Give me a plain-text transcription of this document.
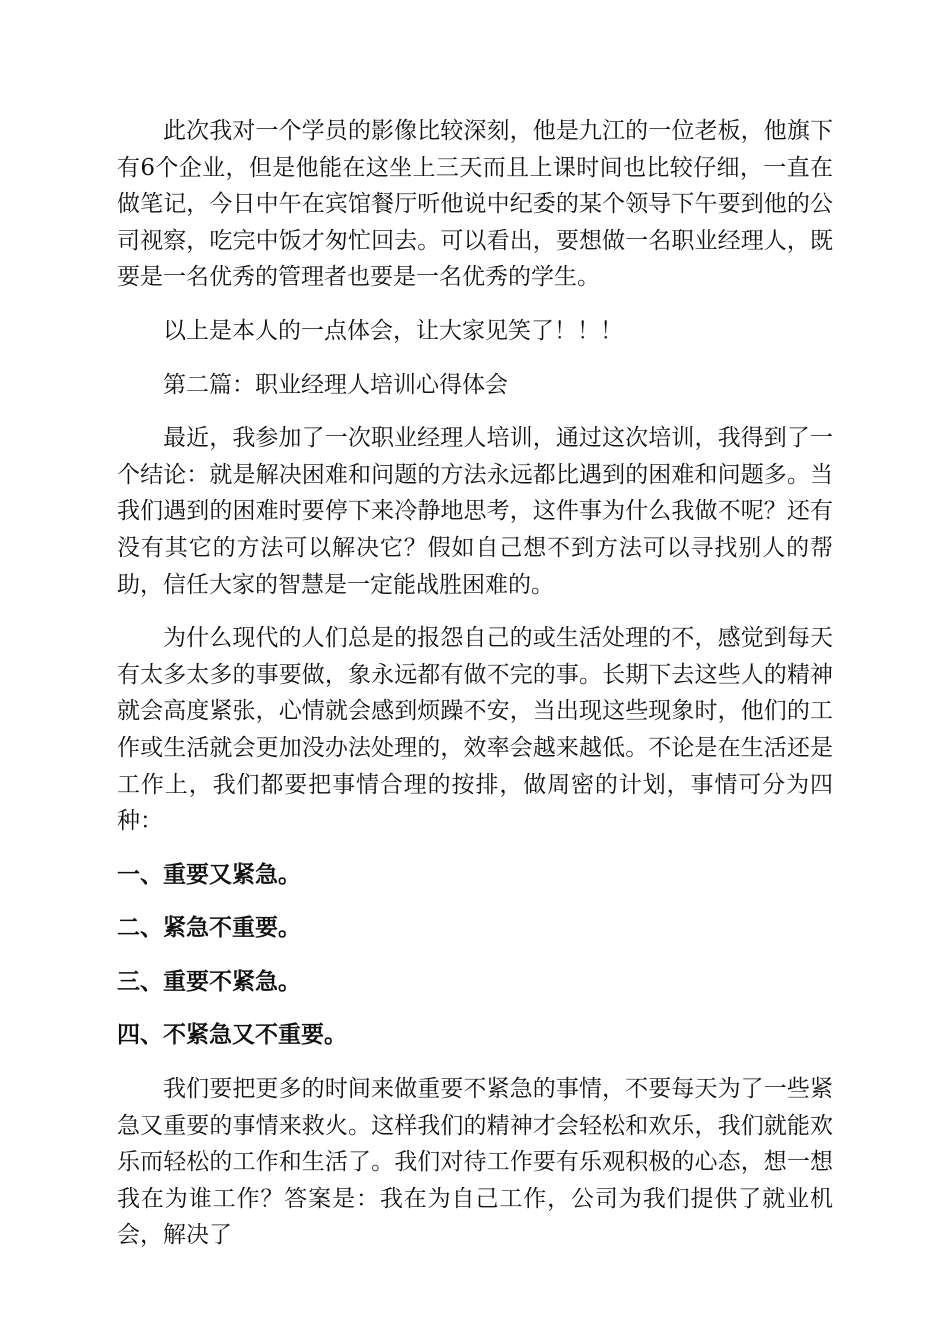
此次我对一个学员的影像比较深刻，他是九江的一位老板，他旗下有6个企业，但是他能在这坐上三天而且上课时间也比较仔细，一直在做笔记，今日中午在宾馆餐厅听他说中纪委的某个领导下午要到他的公司视察，吃完中饭才匆忙回去。可以看出，要想做一名职业经理人，既要是一名优秀的管理者也要是一名优秀的学生。

以上是本人的一点体会，让大家见笑了！！！

第二篇：职业经理人培训心得体会

最近，我参加了一次职业经理人培训，通过这次培训，我得到了一个结论：就是解决困难和问题的方法永远都比遇到的困难和问题多。当我们遇到的困难时要停下来冷静地思考，这件事为什么我做不呢？还有没有其它的方法可以解决它？假如自己想不到方法可以寻找别人的帮助，信任大家的智慧是一定能战胜困难的。

为什么现代的人们总是的报怨自己的或生活处理的不，感觉到每天有太多太多的事要做，象永远都有做不完的事。长期下去这些人的精神就会高度紧张，心情就会感到烦躁不安，当出现这些现象时，他们的工作或生活就会更加没办法处理的，效率会越来越低。不论是在生活还是工作上，我们都要把事情合理的按排，做周密的计划，事情可分为四种：

一、重要又紧急。
二、紧急不重要。
三、重要不紧急。
四、不紧急又不重要。

我们要把更多的时间来做重要不紧急的事情，不要每天为了一些紧急又重要的事情来救火。这样我们的精神才会轻松和欢乐，我们就能欢乐而轻松的工作和生活了。我们对待工作要有乐观积极的心态，想一想我在为谁工作？答案是：我在为自己工作，公司为我们提供了就业机会，解决了
